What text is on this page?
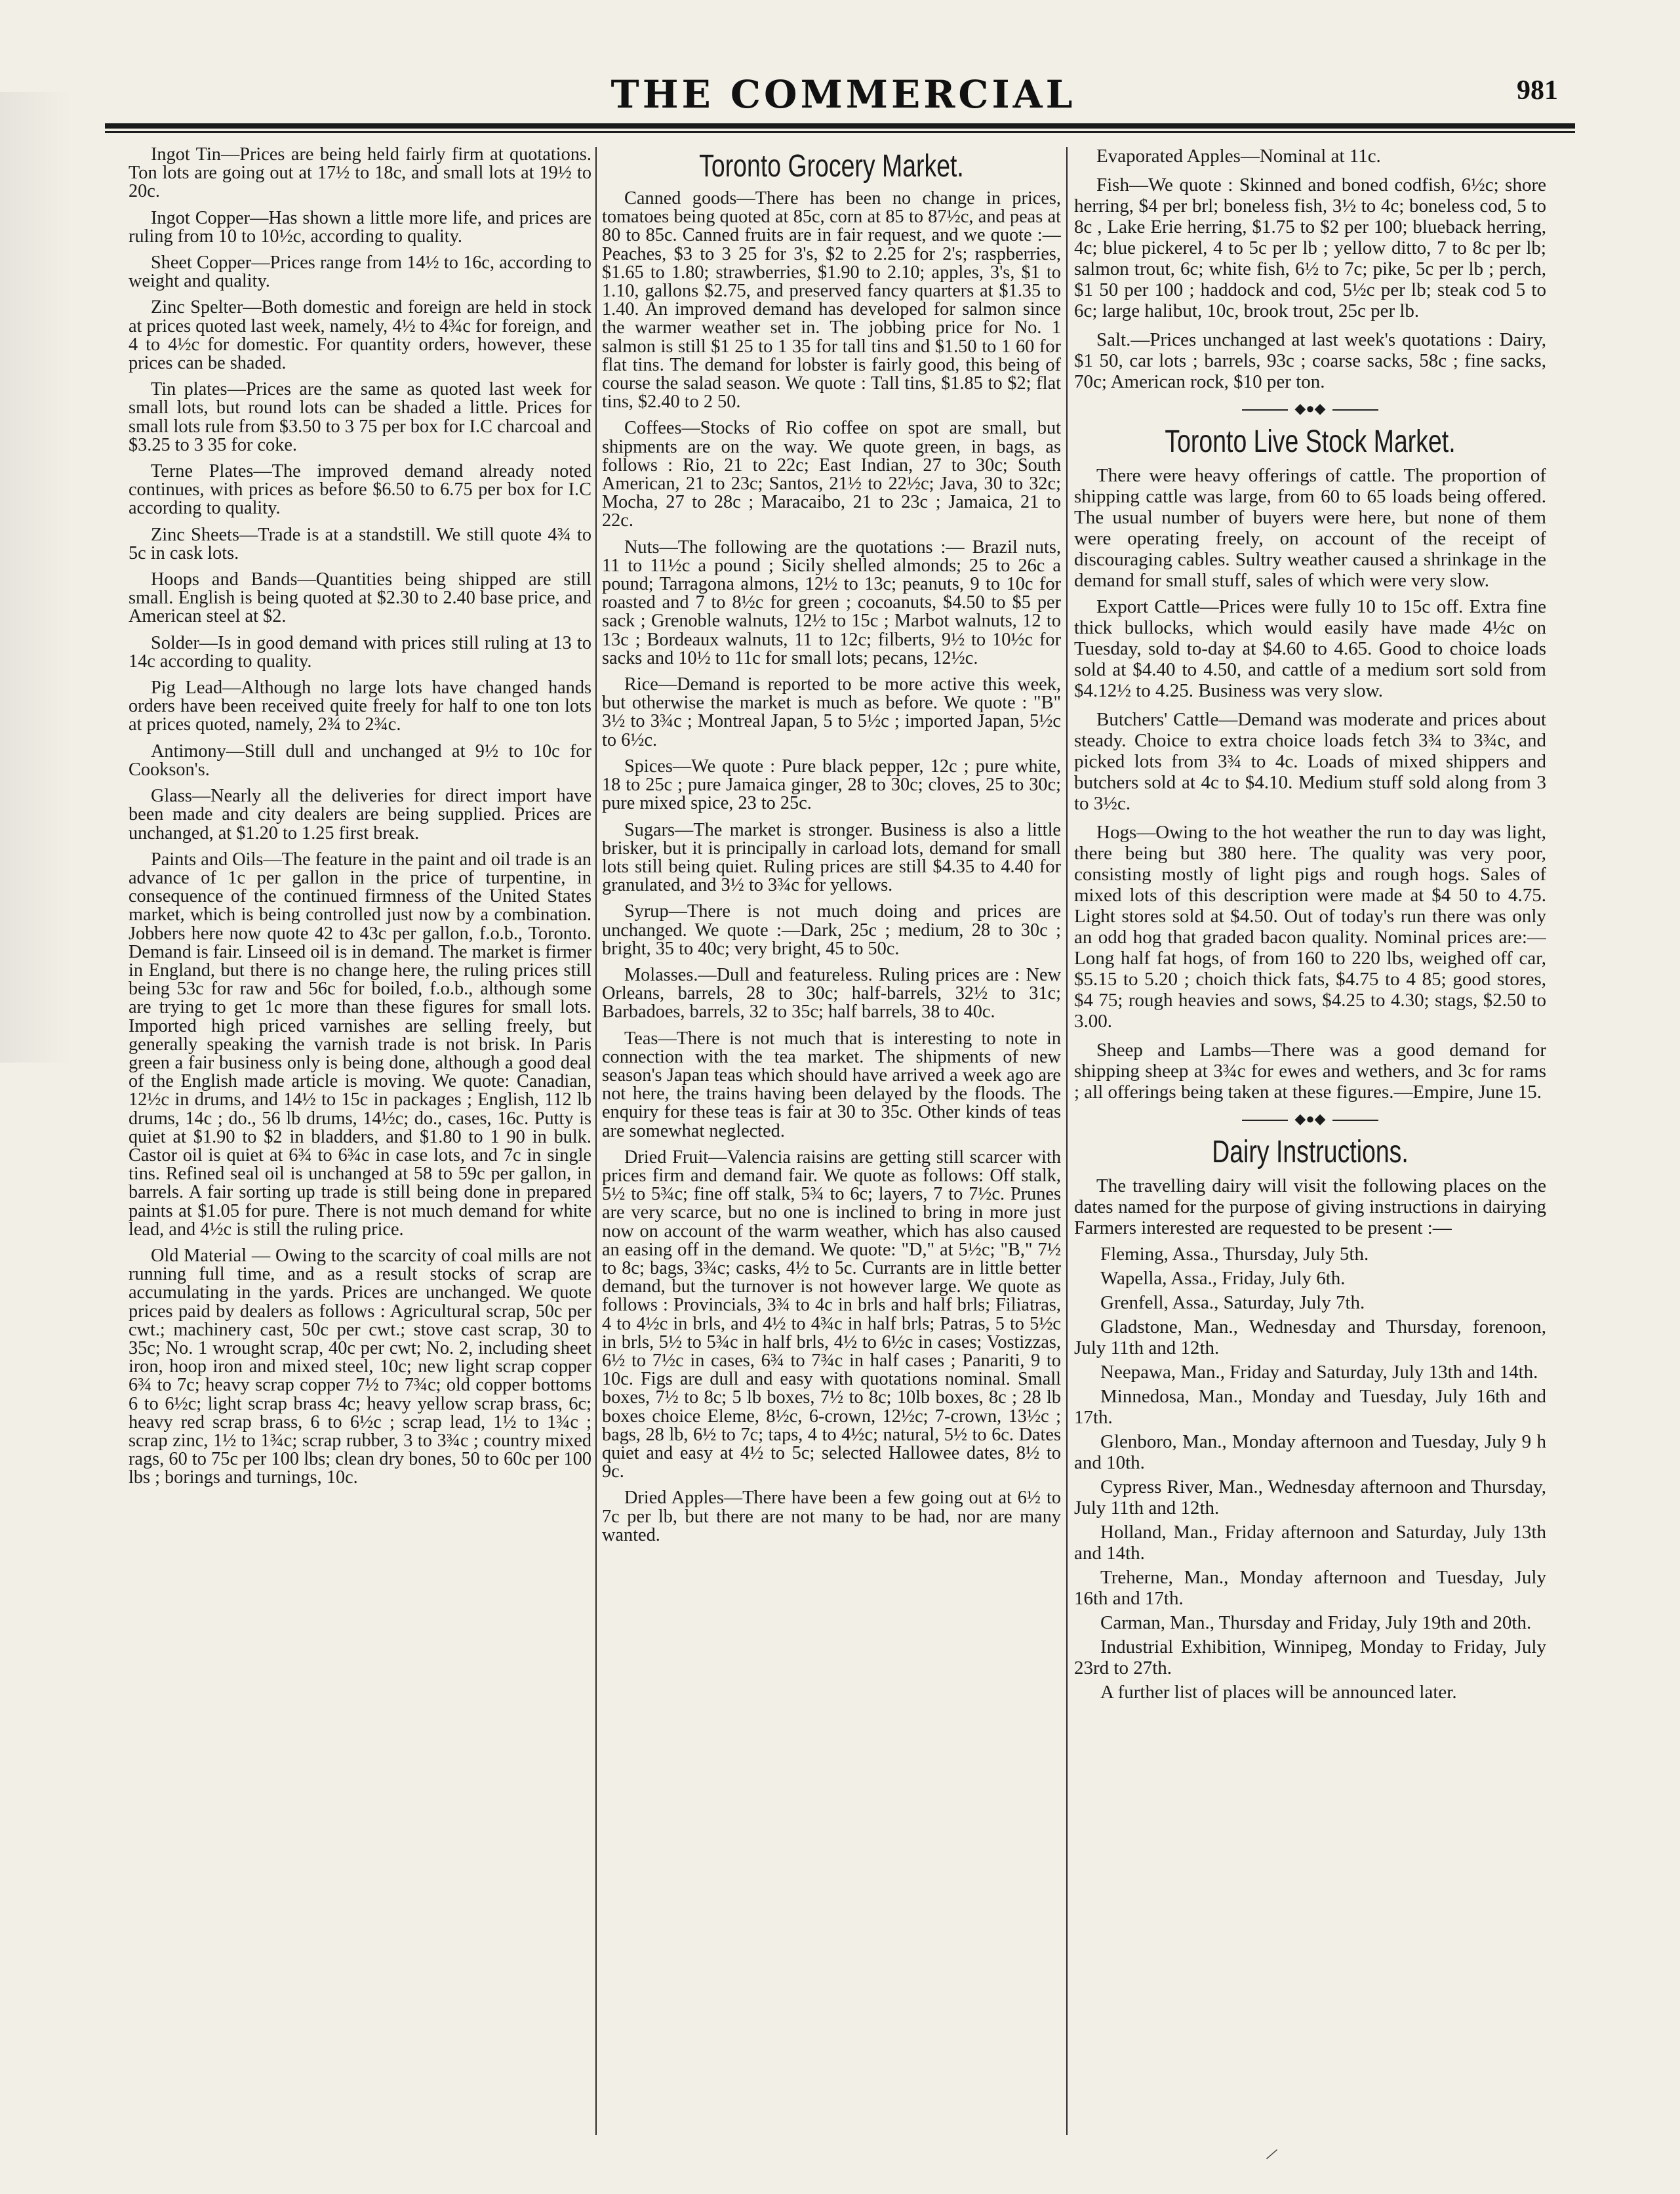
THE COMMERCIAL	981

Ingot Tin—Prices are being held fairly firm at quotations. Ton lots are going out at 17½ to 18c, and small lots at 19½ to 20c.

Ingot Copper—Has shown a little more life, and prices are ruling from 10 to 10½c, according to quality.

Sheet Copper—Prices range from 14½ to 16c, according to weight and quality.

Zinc Spelter—Both domestic and foreign are held in stock at prices quoted last week, namely, 4½ to 4¾c for foreign, and 4 to 4½c for domestic. For quantity orders, however, these prices can be shaded.

Tin plates—Prices are the same as quoted last week for small lots, but round lots can be shaded a little. Prices for small lots rule from $3.50 to 3 75 per box for I.C charcoal and $3.25 to 3 35 for coke.

Terne Plates—The improved demand already noted continues, with prices as before $6.50 to 6.75 per box for I.C according to quality.

Zinc Sheets—Trade is at a standstill. We still quote 4¾ to 5c in cask lots.

Hoops and Bands—Quantities being shipped are still small. English is being quoted at $2.30 to 2.40 base price, and American steel at $2.

Solder—Is in good demand with prices still ruling at 13 to 14c according to quality.

Pig Lead—Although no large lots have changed hands orders have been received quite freely for half to one ton lots at prices quoted, namely, 2¾ to 2¾c.

Antimony—Still dull and unchanged at 9½ to 10c for Cookson's.

Glass—Nearly all the deliveries for direct import have been made and city dealers are being supplied. Prices are unchanged, at $1.20 to 1.25 first break.

Paints and Oils—The feature in the paint and oil trade is an advance of 1c per gallon in the price of turpentine, in consequence of the continued firmness of the United States market, which is being controlled just now by a combination. Jobbers here now quote 42 to 43c per gallon, f.o.b., Toronto. Demand is fair. Linseed oil is in demand. The market is firmer in England, but there is no change here, the ruling prices still being 53c for raw and 56c for boiled, f.o.b., although some are trying to get 1c more than these figures for small lots. Imported high priced varnishes are selling freely, but generally speaking the varnish trade is not brisk. In Paris green a fair business only is being done, although a good deal of the English made article is moving. We quote: Canadian, 12½c in drums, and 14½ to 15c in packages ; English, 112 lb drums, 14c ; do., 56 lb drums, 14½c; do., cases, 16c. Putty is quiet at $1.90 to $2 in bladders, and $1.80 to 1 90 in bulk. Castor oil is quiet at 6¾ to 6¾c in case lots, and 7c in single tins. Refined seal oil is unchanged at 58 to 59c per gallon, in barrels. A fair sorting up trade is still being done in prepared paints at $1.05 for pure. There is not much demand for white lead, and 4½c is still the ruling price.

Old Material — Owing to the scarcity of coal mills are not running full time, and as a result stocks of scrap are accumulating in the yards. Prices are unchanged. We quote prices paid by dealers as follows : Agricultural scrap, 50c per cwt.; machinery cast, 50c per cwt.; stove cast scrap, 30 to 35c; No. 1 wrought scrap, 40c per cwt; No. 2, including sheet iron, hoop iron and mixed steel, 10c; new light scrap copper 6¾ to 7c; heavy scrap copper 7½ to 7¾c; old copper bottoms 6 to 6½c; light scrap brass 4c; heavy yellow scrap brass, 6c; heavy red scrap brass, 6 to 6½c ; scrap lead, 1½ to 1¾c ; scrap zinc, 1½ to 1¾c; scrap rubber, 3 to 3¾c ; country mixed rags, 60 to 75c per 100 lbs; clean dry bones, 50 to 60c per 100 lbs ; borings and turnings, 10c.

Toronto Grocery Market.

Canned goods—There has been no change in prices, tomatoes being quoted at 85c, corn at 85 to 87½c, and peas at 80 to 85c. Canned fruits are in fair request, and we quote :— Peaches, $3 to 3 25 for 3's, $2 to 2.25 for 2's; raspberries, $1.65 to 1.80; strawberries, $1.90 to 2.10; apples, 3's, $1 to 1.10, gallons $2.75, and preserved fancy quarters at $1.35 to 1.40. An improved demand has developed for salmon since the warmer weather set in. The jobbing price for No. 1 salmon is still $1 25 to 1 35 for tall tins and $1.50 to 1 60 for flat tins. The demand for lobster is fairly good, this being of course the salad season. We quote : Tall tins, $1.85 to $2; flat tins, $2.40 to 2 50.

Coffees—Stocks of Rio coffee on spot are small, but shipments are on the way. We quote green, in bags, as follows : Rio, 21 to 22c; East Indian, 27 to 30c; South American, 21 to 23c; Santos, 21½ to 22½c; Java, 30 to 32c; Mocha, 27 to 28c ; Maracaibo, 21 to 23c ; Jamaica, 21 to 22c.

Nuts—The following are the quotations :— Brazil nuts, 11 to 11½c a pound ; Sicily shelled almonds; 25 to 26c a pound; Tarragona almons, 12½ to 13c; peanuts, 9 to 10c for roasted and 7 to 8½c for green ; cocoanuts, $4.50 to $5 per sack ; Grenoble walnuts, 12½ to 15c ; Marbot walnuts, 12 to 13c ; Bordeaux walnuts, 11 to 12c; filberts, 9½ to 10½c for sacks and 10½ to 11c for small lots; pecans, 12½c.

Rice—Demand is reported to be more active this week, but otherwise the market is much as before. We quote : "B" 3½ to 3¾c ; Montreal Japan, 5 to 5½c ; imported Japan, 5½c to 6½c.

Spices—We quote : Pure black pepper, 12c ; pure white, 18 to 25c ; pure Jamaica ginger, 28 to 30c; cloves, 25 to 30c; pure mixed spice, 23 to 25c.

Sugars—The market is stronger. Business is also a little brisker, but it is principally in carload lots, demand for small lots still being quiet. Ruling prices are still $4.35 to 4.40 for granulated, and 3½ to 3¾c for yellows.

Syrup—There is not much doing and prices are unchanged. We quote :—Dark, 25c ; medium, 28 to 30c ; bright, 35 to 40c; very bright, 45 to 50c.

Molasses.—Dull and featureless. Ruling prices are : New Orleans, barrels, 28 to 30c; half-barrels, 32½ to 31c; Barbadoes, barrels, 32 to 35c; half barrels, 38 to 40c.

Teas—There is not much that is interesting to note in connection with the tea market. The shipments of new season's Japan teas which should have arrived a week ago are not here, the trains having been delayed by the floods. The enquiry for these teas is fair at 30 to 35c. Other kinds of teas are somewhat neglected.

Dried Fruit—Valencia raisins are getting still scarcer with prices firm and demand fair. We quote as follows: Off stalk, 5½ to 5¾c; fine off stalk, 5¾ to 6c; layers, 7 to 7½c. Prunes are very scarce, but no one is inclined to bring in more just now on account of the warm weather, which has also caused an easing off in the demand. We quote: "D," at 5½c; "B," 7½ to 8c; bags, 3¾c; casks, 4½ to 5c. Currants are in little better demand, but the turnover is not however large. We quote as follows : Provincials, 3¾ to 4c in brls and half brls; Filiatras, 4 to 4½c in brls, and 4½ to 4¾c in half brls; Patras, 5 to 5½c in brls, 5½ to 5¾c in half brls, 4½ to 6½c in cases; Vostizzas, 6½ to 7½c in cases, 6¾ to 7¾c in half cases ; Panariti, 9 to 10c. Figs are dull and easy with quotations nominal. Small boxes, 7½ to 8c; 5 lb boxes, 7½ to 8c; 10lb boxes, 8c ; 28 lb boxes choice Eleme, 8½c, 6-crown, 12½c; 7-crown, 13½c ; bags, 28 lb, 6½ to 7c; taps, 4 to 4½c; natural, 5½ to 6c. Dates quiet and easy at 4½ to 5c; selected Hallowee dates, 8½ to 9c.

Dried Apples—There have been a few going out at 6½ to 7c per lb, but there are not many to be had, nor are many wanted.

Evaporated Apples—Nominal at 11c.

Fish—We quote : Skinned and boned codfish, 6½c; shore herring, $4 per brl; boneless fish, 3½ to 4c; boneless cod, 5 to 8c , Lake Erie herring, $1.75 to $2 per 100; blueback herring, 4c; blue pickerel, 4 to 5c per lb ; yellow ditto, 7 to 8c per lb; salmon trout, 6c; white fish, 6½ to 7c; pike, 5c per lb ; perch, $1 50 per 100 ; haddock and cod, 5½c per lb; steak cod 5 to 6c; large halibut, 10c, brook trout, 25c per lb.

Salt.—Prices unchanged at last week's quotations : Dairy, $1 50, car lots ; barrels, 93c ; coarse sacks, 58c ; fine sacks, 70c; American rock, $10 per ton.

◆●◆
Toronto Live Stock Market.

There were heavy offerings of cattle. The proportion of shipping cattle was large, from 60 to 65 loads being offered. The usual number of buyers were here, but none of them were operating freely, on account of the receipt of discouraging cables. Sultry weather caused a shrinkage in the demand for small stuff, sales of which were very slow.

Export Cattle—Prices were fully 10 to 15c off. Extra fine thick bullocks, which would easily have made 4½c on Tuesday, sold to-day at $4.60 to 4.65. Good to choice loads sold at $4.40 to 4.50, and cattle of a medium sort sold from $4.12½ to 4.25. Business was very slow.

Butchers' Cattle—Demand was moderate and prices about steady. Choice to extra choice loads fetch 3¾ to 3¾c, and picked lots from 3¾ to 4c. Loads of mixed shippers and butchers sold at 4c to $4.10. Medium stuff sold along from 3 to 3½c.

Hogs—Owing to the hot weather the run to day was light, there being but 380 here. The quality was very poor, consisting mostly of light pigs and rough hogs. Sales of mixed lots of this description were made at $4 50 to 4.75. Light stores sold at $4.50. Out of today's run there was only an odd hog that graded bacon quality. Nominal prices are:— Long half fat hogs, of from 160 to 220 lbs, weighed off car, $5.15 to 5.20 ; choich thick fats, $4.75 to 4 85; good stores, $4 75; rough heavies and sows, $4.25 to 4.30; stags, $2.50 to 3.00.

Sheep and Lambs—There was a good demand for shipping sheep at 3¾c for ewes and wethers, and 3c for rams ; all offerings being taken at these figures.—Empire, June 15.

◆●◆
Dairy Instructions.

The travelling dairy will visit the following places on the dates named for the purpose of giving instructions in dairying Farmers interested are requested to be present :—

Fleming, Assa., Thursday, July 5th.

Wapella, Assa., Friday, July 6th.

Grenfell, Assa., Saturday, July 7th.

Gladstone, Man., Wednesday and Thursday, forenoon, July 11th and 12th.

Neepawa, Man., Friday and Saturday, July 13th and 14th.

Minnedosa, Man., Monday and Tuesday, July 16th and 17th.

Glenboro, Man., Monday afternoon and Tuesday, July 9 h and 10th.

Cypress River, Man., Wednesday afternoon and Thursday, July 11th and 12th.

Holland, Man., Friday afternoon and Saturday, July 13th and 14th.

Treherne, Man., Monday afternoon and Tuesday, July 16th and 17th.

Carman, Man., Thursday and Friday, July 19th and 20th.

Industrial Exhibition, Winnipeg, Monday to Friday, July 23rd to 27th.

A further list of places will be announced later.

/
